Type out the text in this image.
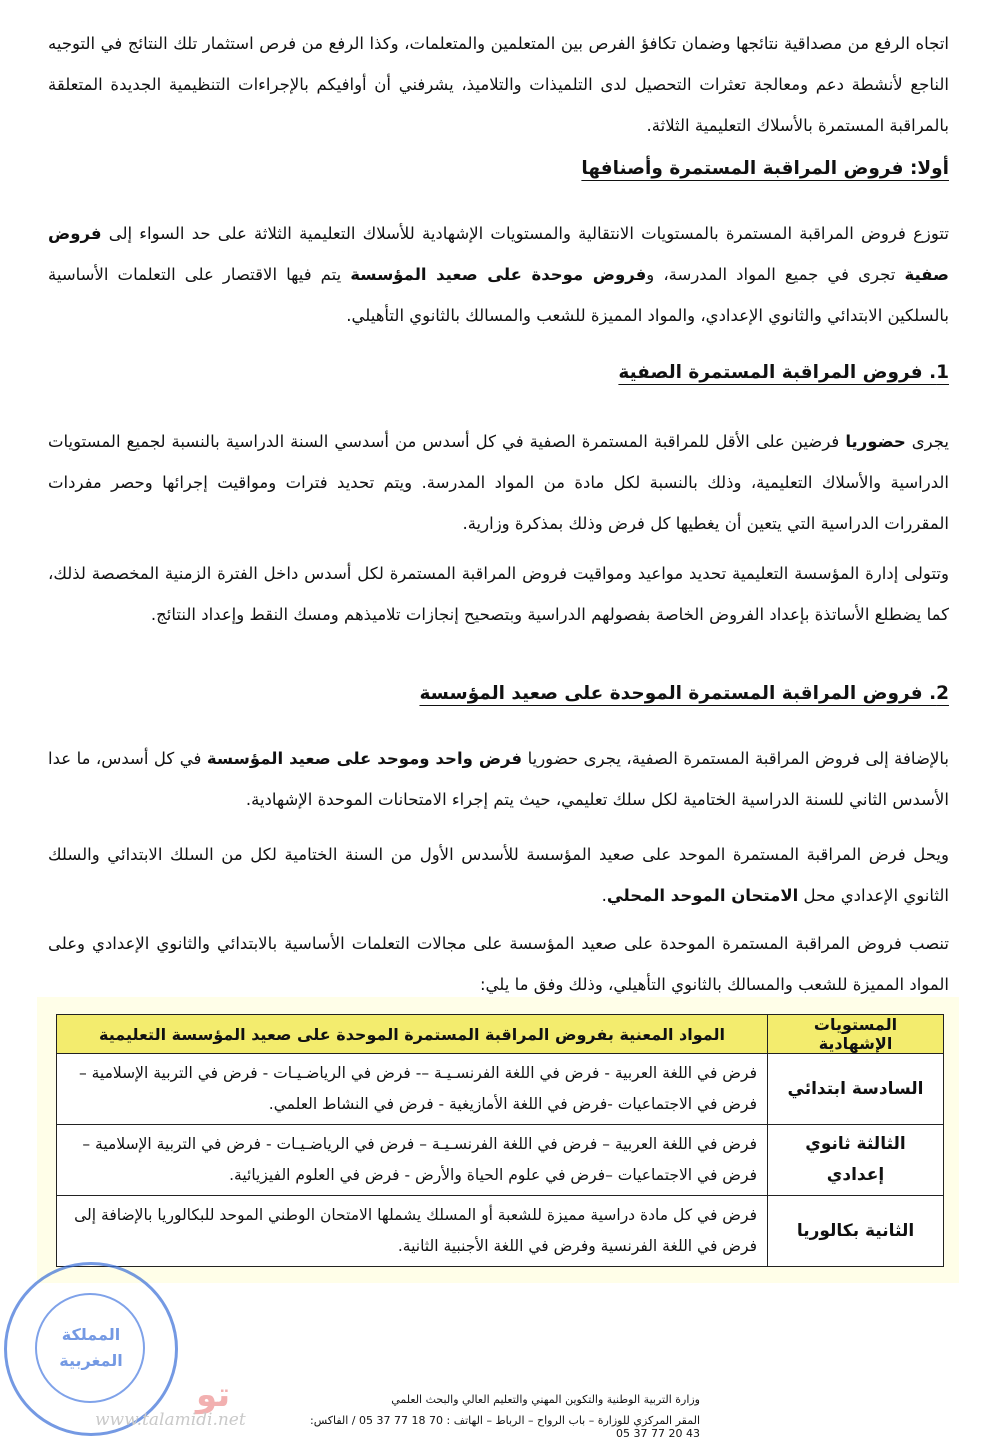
اتجاه الرفع من مصداقية نتائجها وضمان تكافؤ الفرص بين المتعلمين والمتعلمات، وكذا الرفع من فرص استثمار تلك النتائج في التوجيه الناجع لأنشطة دعم ومعالجة تعثرات التحصيل لدى التلميذات والتلاميذ، يشرفني أن أوافيكم بالإجراءات التنظيمية الجديدة المتعلقة بالمراقبة المستمرة بالأسلاك التعليمية الثلاثة.

أولا: فروض المراقبة المستمرة وأصنافها

تتوزع فروض المراقبة المستمرة بالمستويات الانتقالية والمستويات الإشهادية للأسلاك التعليمية الثلاثة على حد السواء إلى فروض صفية تجرى في جميع المواد المدرسة، وفروض موحدة على صعيد المؤسسة يتم فيها الاقتصار على التعلمات الأساسية بالسلكين الابتدائي والثانوي الإعدادي، والمواد المميزة للشعب والمسالك بالثانوي التأهيلي.

1. فروض المراقبة المستمرة الصفية

يجرى حضوريا فرضين على الأقل للمراقبة المستمرة الصفية في كل أسدس من أسدسي السنة الدراسية بالنسبة لجميع المستويات الدراسية والأسلاك التعليمية، وذلك بالنسبة لكل مادة من المواد المدرسة. ويتم تحديد فترات ومواقيت إجرائها وحصر مفردات المقررات الدراسية التي يتعين أن يغطيها كل فرض وذلك بمذكرة وزارية.

وتتولى إدارة المؤسسة التعليمية تحديد مواعيد ومواقيت فروض المراقبة المستمرة لكل أسدس داخل الفترة الزمنية المخصصة لذلك، كما يضطلع الأساتذة بإعداد الفروض الخاصة بفصولهم الدراسية وبتصحيح إنجازات تلاميذهم ومسك النقط وإعداد النتائج.

2. فروض المراقبة المستمرة الموحدة على صعيد المؤسسة

بالإضافة إلى فروض المراقبة المستمرة الصفية، يجرى حضوريا فرض واحد وموحد على صعيد المؤسسة في كل أسدس، ما عدا الأسدس الثاني للسنة الدراسية الختامية لكل سلك تعليمي، حيث يتم إجراء الامتحانات الموحدة الإشهادية.

ويحل فرض المراقبة المستمرة الموحد على صعيد المؤسسة للأسدس الأول من السنة الختامية لكل من السلك الابتدائي والسلك الثانوي الإعدادي محل الامتحان الموحد المحلي.

تنصب فروض المراقبة المستمرة الموحدة على صعيد المؤسسة على مجالات التعلمات الأساسية بالابتدائي والثانوي الإعدادي وعلى المواد المميزة للشعب والمسالك بالثانوي التأهيلي، وذلك وفق ما يلي:

المستويات الإشهادية	المواد المعنية بفروض المراقبة المستمرة الموحدة على صعيد المؤسسة التعليمية
السادسة ابتدائي	فرض في اللغة العربية - فرض في اللغة الفرنسـيـة –- فرض في الرياضـيـات - فرض في التربية الإسلامية – فرض في الاجتماعيات -فرض في اللغة الأمازيغية - فرض في النشاط العلمي.
الثالثة ثانوي إعدادي	فرض في اللغة العربية – فرض في اللغة الفرنسـيـة – فرض في الرياضـيـات - فرض في التربية الإسلامية – فرض في الاجتماعيات –فرض في علوم الحياة والأرض - فرض في العلوم الفيزيائية.
الثانية بكالوريا	فرض في كل مادة دراسية مميزة للشعبة أو المسلك يشملها الامتحان الوطني الموحد للبكالوريا بالإضافة إلى فرض في اللغة الفرنسية وفرض في اللغة الأجنبية الثانية.
المملكة
المغربية
تو
www.talamidi.net
وزارة التربية الوطنية والتكوين المهني والتعليم العالي والبحث العلمي
المقر المركزي للوزارة – باب الرواح – الرباط – الهاتف : 70 18 77 37 05 / الفاكس: 43 20 77 37 05
